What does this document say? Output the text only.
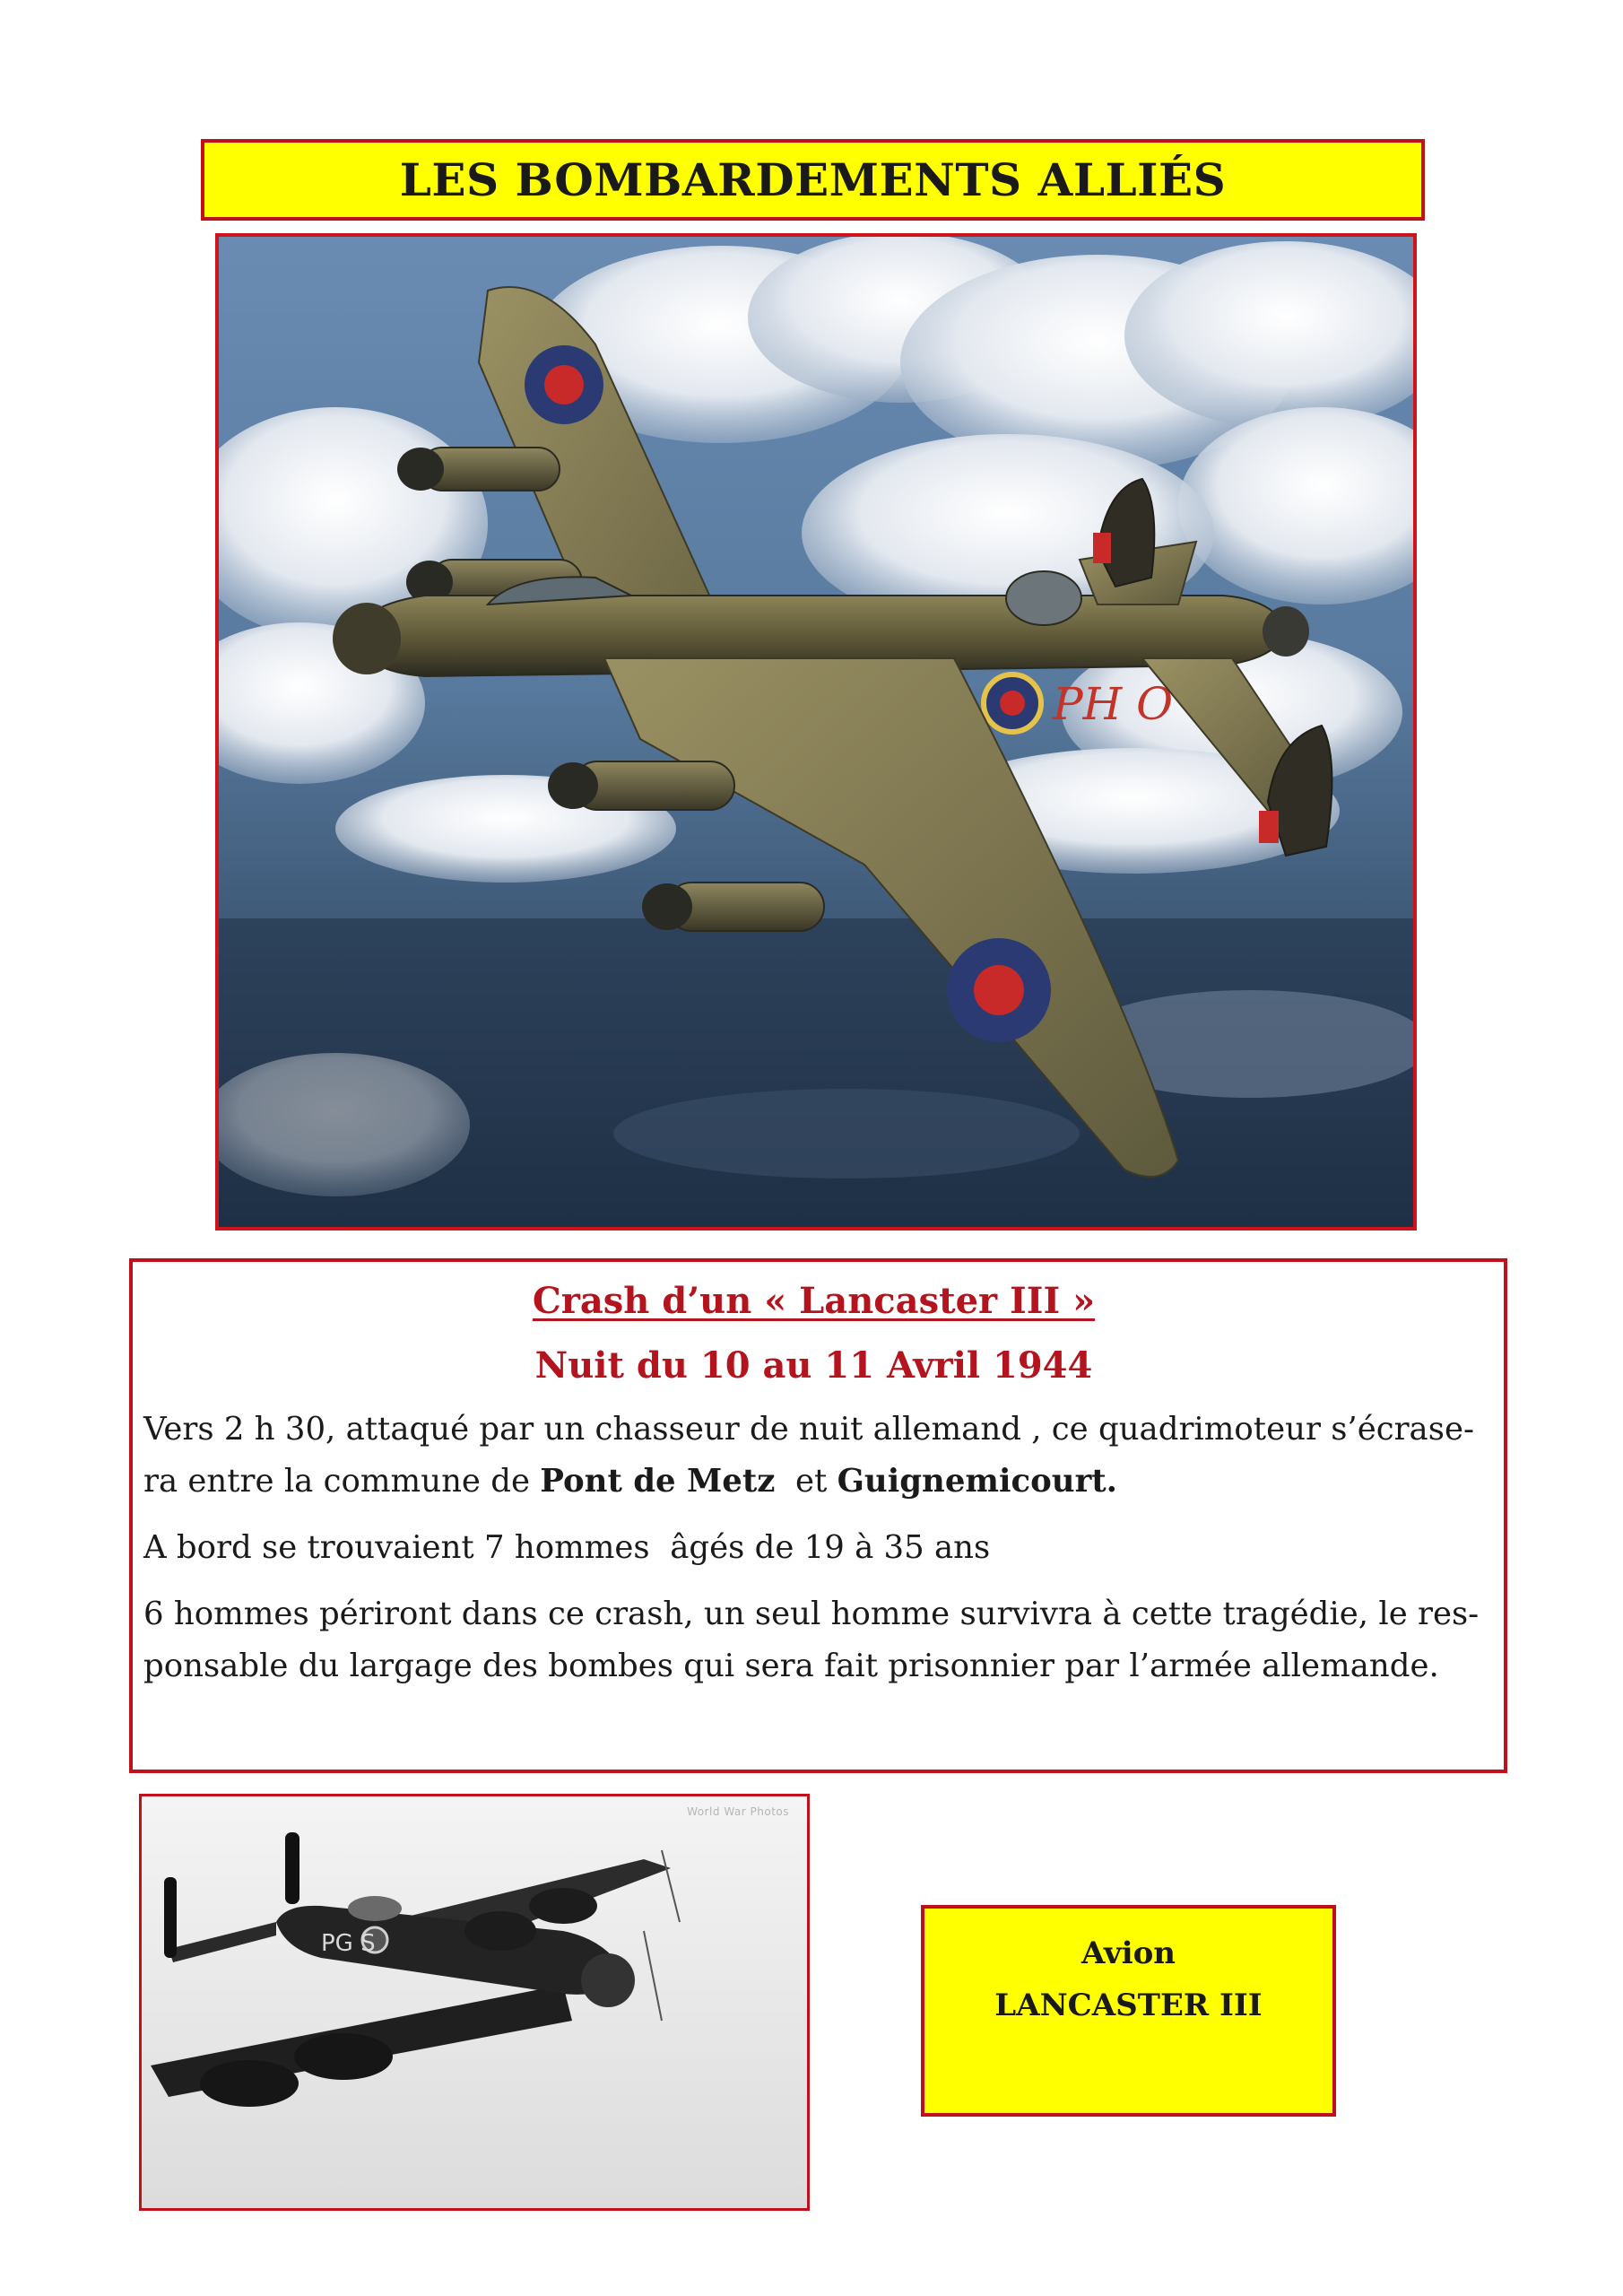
LES BOMBARDEMENTS ALLIÉS
PH O

Crash d’un « Lancaster III »

Nuit du 10 au 11 Avril 1944

Vers 2 h 30, attaqué par un chasseur de nuit allemand , ce quadrimoteur s’écrase-
ra entre la commune de Pont de Metz  et Guignemicourt.

A bord se trouvaient 7 hommes  âgés de 19 à 35 ans

6 hommes périront dans ce crash, un seul homme survivra à cette tragédie, le res-
ponsable du largage des bombes qui sera fait prisonnier par l’armée allemande.

PG S
World War Photos
Avion
LANCASTER III
